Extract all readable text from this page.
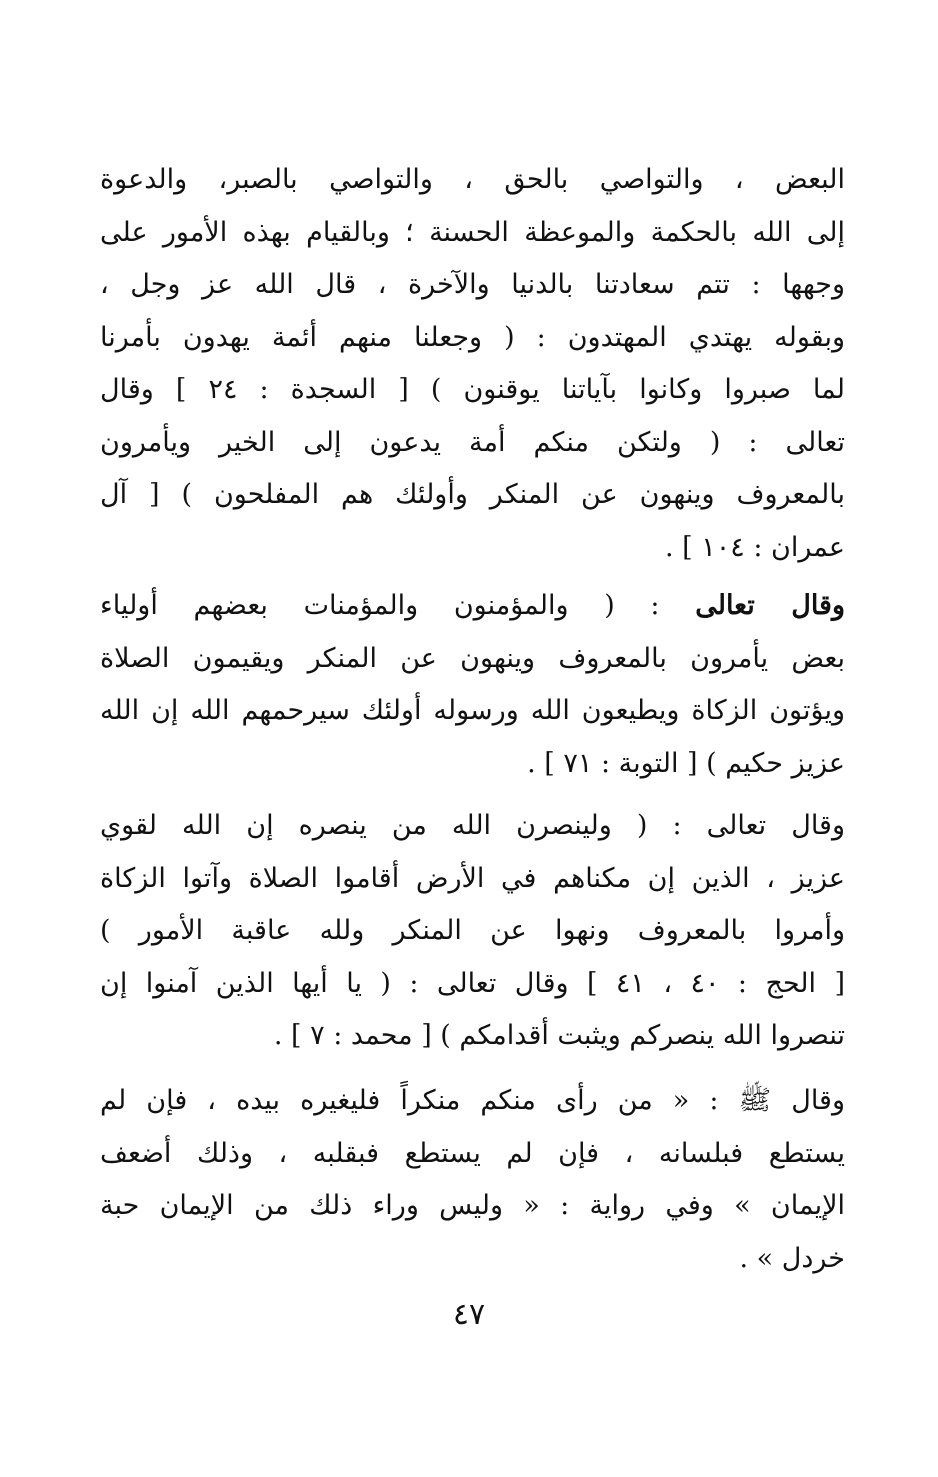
البعض ، والتواصي بالحق ، والتواصي بالصبر، والدعوة
إلى الله بالحكمة والموعظة الحسنة ؛ وبالقيام بهذه الأمور على
وجهها : تتم سعادتنا بالدنيا والآخرة ، قال الله عز وجل ،
وبقوله يهتدي المهتدون : ( وجعلنا منهم أئمة يهدون بأمرنا
لما صبروا وكانوا بآياتنا يوقنون ) [ السجدة : ٢٤ ] وقال
تعالى : ( ولتكن منكم أمة يدعون إلى الخير ويأمرون
بالمعروف وينهون عن المنكر وأولئك هم المفلحون ) [ آل
عمران : ١٠٤ ] .
وقال تعالى : ( والمؤمنون والمؤمنات بعضهم أولياء
بعض يأمرون بالمعروف وينهون عن المنكر ويقيمون الصلاة
ويؤتون الزكاة ويطيعون الله ورسوله أولئك سيرحمهم الله إن الله
عزيز حكيم ) [ التوبة : ٧١ ] .
وقال تعالى : ( ولينصرن الله من ينصره إن الله لقوي
عزيز ، الذين إن مكناهم في الأرض أقاموا الصلاة وآتوا الزكاة
وأمروا بالمعروف ونهوا عن المنكر ولله عاقبة الأمور )
[ الحج : ٤٠ ، ٤١ ] وقال تعالى : ( يا أيها الذين آمنوا إن
تنصروا الله ينصركم ويثبت أقدامكم ) [ محمد : ٧ ] .
وقال ﷺ : « من رأى منكم منكراً فليغيره بيده ، فإن لم
يستطع فبلسانه ، فإن لم يستطع فبقلبه ، وذلك أضعف
الإيمان » وفي رواية : « وليس وراء ذلك من الإيمان حبة
خردل » .
٤٧
